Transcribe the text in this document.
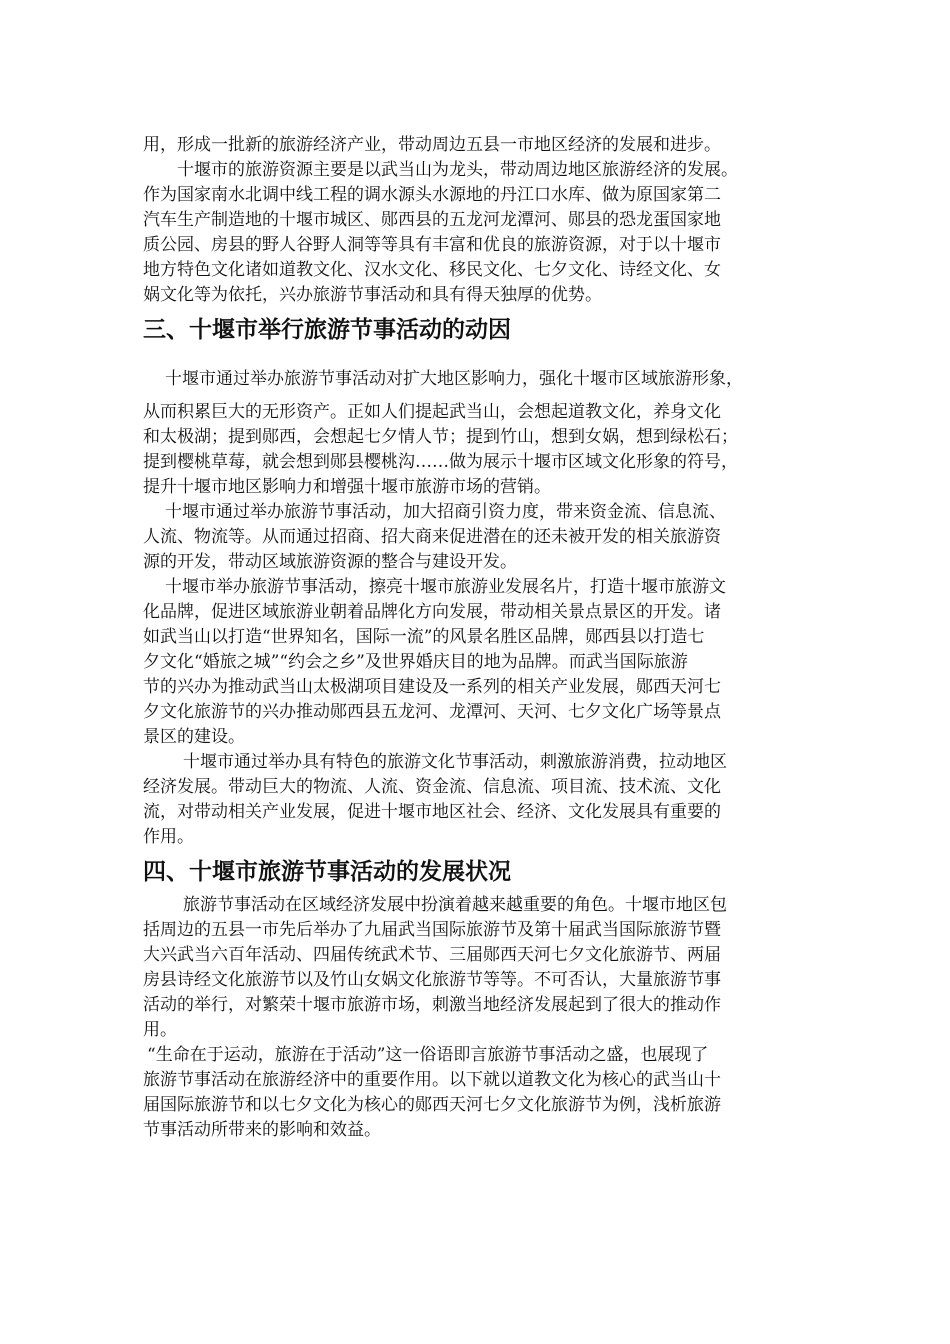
用，形成一批新的旅游经济产业，带动周边五县一市地区经济的发展和进步。
十堰市的旅游资源主要是以武当山为龙头，带动周边地区旅游经济的发展。
作为国家南水北调中线工程的调水源头水源地的丹江口水库、做为原国家第二
汽车生产制造地的十堰市城区、郧西县的五龙河龙潭河、郧县的恐龙蛋国家地
质公园、房县的野人谷野人洞等等具有丰富和优良的旅游资源，对于以十堰市
地方特色文化诸如道教文化、汉水文化、移民文化、七夕文化、诗经文化、女
娲文化等为依托，兴办旅游节事活动和具有得天独厚的优势。
三、十堰市举行旅游节事活动的动因
十堰市通过举办旅游节事活动对扩大地区影响力，强化十堰市区域旅游形象，
从而积累巨大的无形资产。正如人们提起武当山，会想起道教文化，养身文化
和太极湖；提到郧西，会想起七夕情人节；提到竹山，想到女娲，想到绿松石；
提到樱桃草莓，就会想到郧县樱桃沟……做为展示十堰市区域文化形象的符号，
提升十堰市地区影响力和增强十堰市旅游市场的营销。
十堰市通过举办旅游节事活动，加大招商引资力度，带来资金流、信息流、
人流、物流等。从而通过招商、招大商来促进潜在的还未被开发的相关旅游资
源的开发，带动区域旅游资源的整合与建设开发。
十堰市举办旅游节事活动，擦亮十堰市旅游业发展名片，打造十堰市旅游文
化品牌，促进区域旅游业朝着品牌化方向发展，带动相关景点景区的开发。诸
如武当山以打造“世界知名，国际一流”的风景名胜区品牌，郧西县以打造七
夕文化“婚旅之城”“约会之乡”及世界婚庆目的地为品牌。而武当国际旅游
节的兴办为推动武当山太极湖项目建设及一系列的相关产业发展，郧西天河七
夕文化旅游节的兴办推动郧西县五龙河、龙潭河、天河、七夕文化广场等景点
景区的建设。
十堰市通过举办具有特色的旅游文化节事活动，刺激旅游消费，拉动地区
经济发展。带动巨大的物流、人流、资金流、信息流、项目流、技术流、文化
流，对带动相关产业发展，促进十堰市地区社会、经济、文化发展具有重要的
作用。
四、十堰市旅游节事活动的发展状况
旅游节事活动在区域经济发展中扮演着越来越重要的角色。十堰市地区包
括周边的五县一市先后举办了九届武当国际旅游节及第十届武当国际旅游节暨
大兴武当六百年活动、四届传统武术节、三届郧西天河七夕文化旅游节、两届
房县诗经文化旅游节以及竹山女娲文化旅游节等等。不可否认，大量旅游节事
活动的举行，对繁荣十堰市旅游市场，刺激当地经济发展起到了很大的推动作
用。
“生命在于运动，旅游在于活动”这一俗语即言旅游节事活动之盛，也展现了
旅游节事活动在旅游经济中的重要作用。以下就以道教文化为核心的武当山十
届国际旅游节和以七夕文化为核心的郧西天河七夕文化旅游节为例，浅析旅游
节事活动所带来的影响和效益。
